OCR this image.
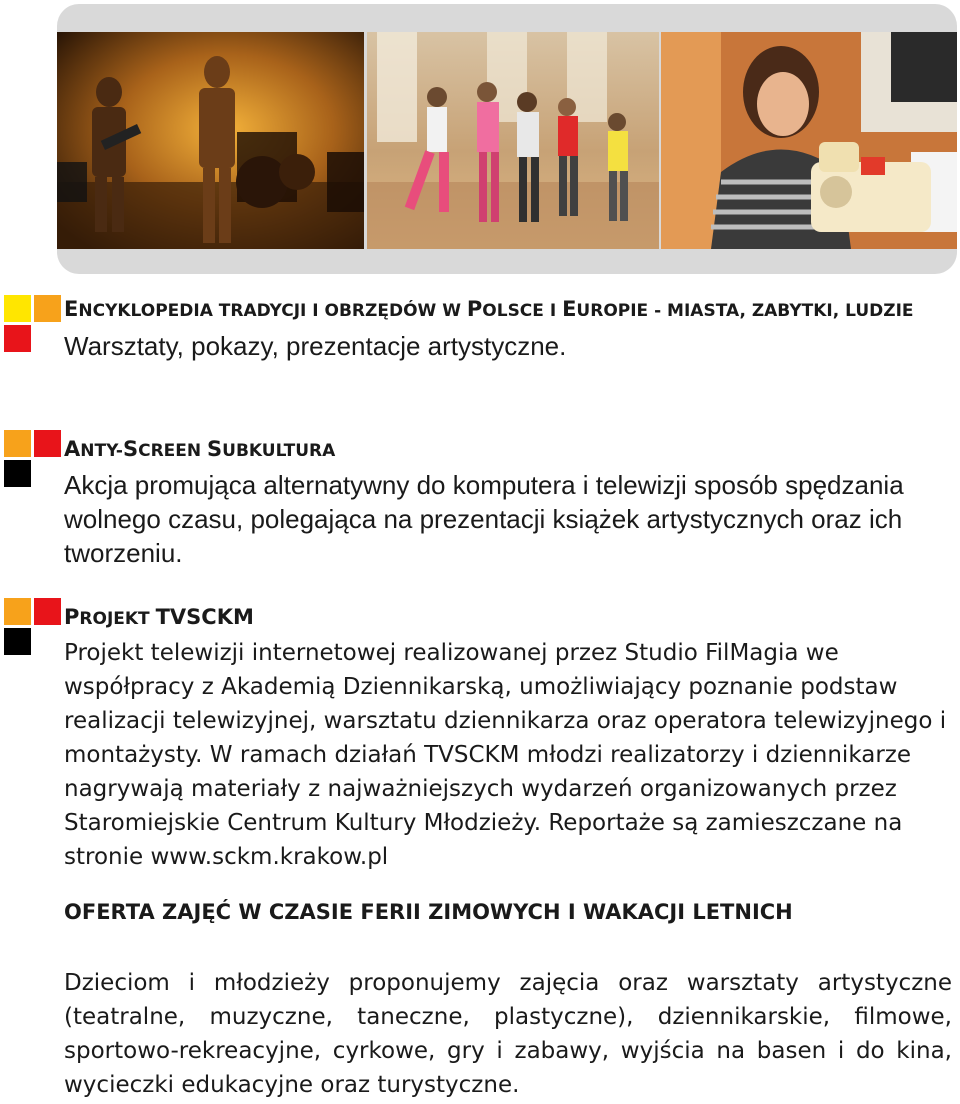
ENCYKLOPEDIA TRADYCJI I OBRZĘDÓW W POLSCE I EUROPIE - MIASTA, ZABYTKI, LUDZIE

Warsztaty, pokazy, prezentacje artystyczne.

ANTY-SCREEN SUBKULTURA

Akcja promująca alternatywny do komputera i telewizji sposób spędzania wolnego czasu, polegająca na prezentacji książek artystycznych oraz ich tworzeniu.

PROJEKT TVSCKM

Projekt telewizji internetowej realizowanej przez Studio FilMagia we współpracy z Akademią Dziennikarską, umożliwiający poznanie podstaw realizacji telewizyjnej, warsztatu dziennikarza oraz operatora telewizyjnego i montażysty. W ramach działań TVSCKM młodzi realizatorzy i dziennikarze nagrywają materiały z najważniejszych wydarzeń organizowanych przez Staromiejskie Centrum Kultury Młodzieży. Reportaże są zamieszczane na stronie www.sckm.krakow.pl

OFERTA ZAJĘĆ W CZASIE FERII ZIMOWYCH I WAKACJI LETNICH

Dzieciom i młodzieży proponujemy zajęcia oraz warsztaty artystyczne (teatralne, muzyczne, taneczne, plastyczne), dziennikarskie, filmowe, sportowo-rekreacyjne, cyrkowe, gry i zabawy, wyjścia na basen i do kina, wycieczki edukacyjne oraz turystyczne.
